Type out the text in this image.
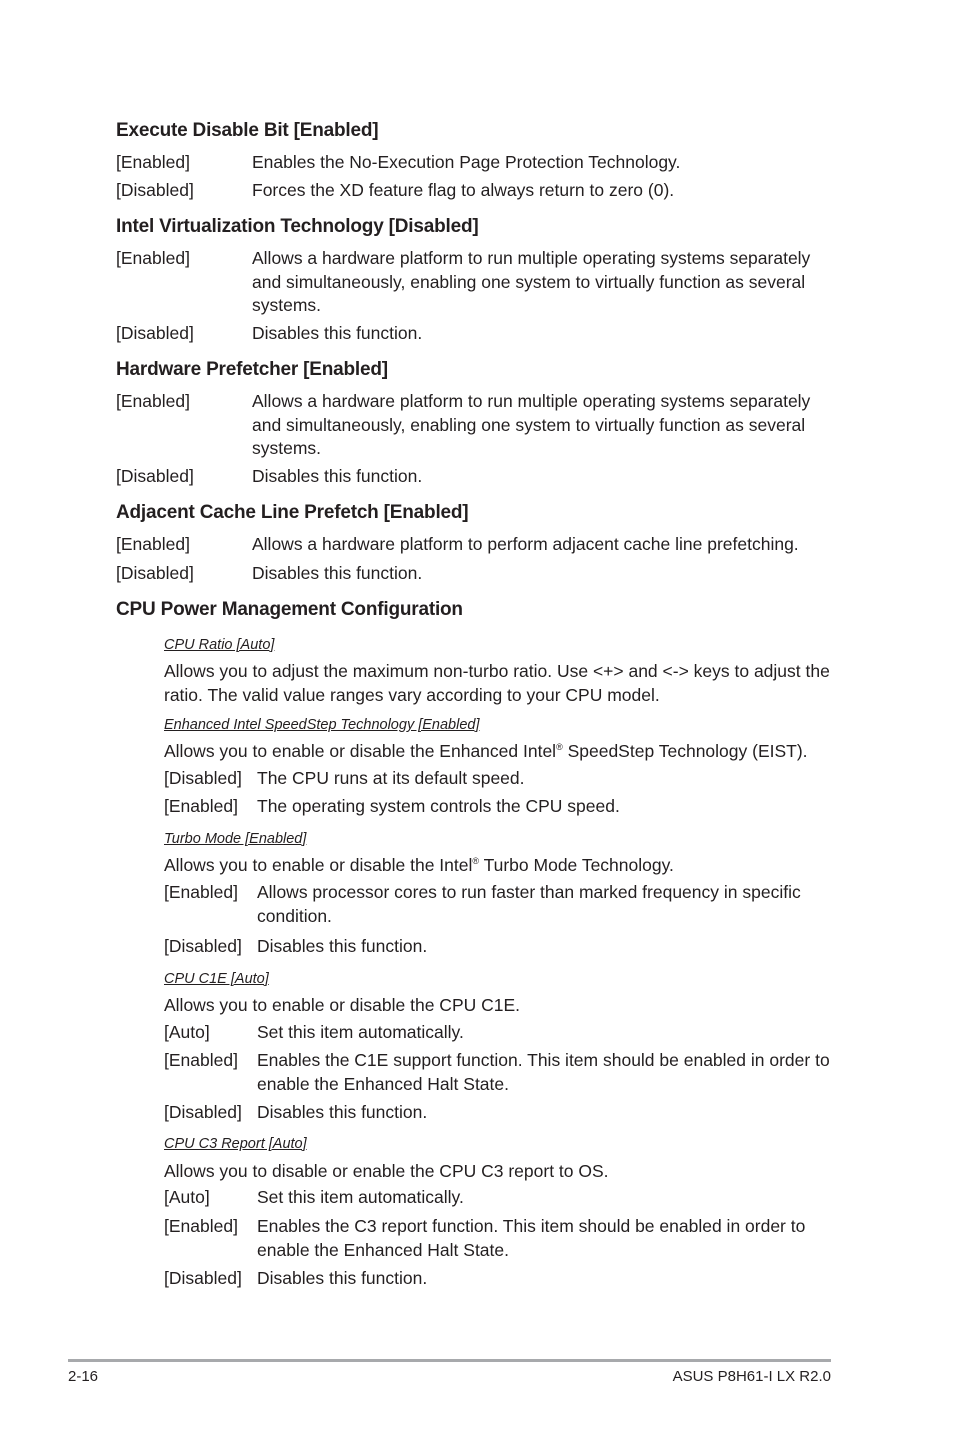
Execute Disable Bit [Enabled]
[Enabled]	Enables the No-Execution Page Protection Technology.
[Disabled]	Forces the XD feature flag to always return to zero (0).
Intel Virtualization Technology [Disabled]
[Enabled]	Allows a hardware platform to run multiple operating systems separately and simultaneously, enabling one system to virtually function as several systems.
[Disabled]	Disables this function.
Hardware Prefetcher [Enabled]
[Enabled]	Allows a hardware platform to run multiple operating systems separately and simultaneously, enabling one system to virtually function as several systems.
[Disabled]	Disables this function.
Adjacent Cache Line Prefetch [Enabled]
[Enabled]	Allows a hardware platform to perform adjacent cache line prefetching.
[Disabled]	Disables this function.
CPU Power Management Configuration
CPU Ratio [Auto]
Allows you to adjust the maximum non-turbo ratio. Use <+> and <-> keys to adjust the ratio. The valid value ranges vary according to your CPU model.
Enhanced Intel SpeedStep Technology [Enabled]
Allows you to enable or disable the Enhanced Intel® SpeedStep Technology (EIST).
[Disabled] The CPU runs at its default speed.
[Enabled] The operating system controls the CPU speed.
Turbo Mode [Enabled]
Allows you to enable or disable the Intel® Turbo Mode Technology.
[Enabled] Allows processor cores to run faster than marked frequency in specific condition.
[Disabled] Disables this function.
CPU C1E [Auto]
Allows you to enable or disable the CPU C1E.
[Auto]	Set this item automatically.
[Enabled] Enables the C1E support function. This item should be enabled in order to enable the Enhanced Halt State.
[Disabled] Disables this function.
CPU C3 Report [Auto]
Allows you to disable or enable the CPU C3 report to OS.
[Auto]	Set this item automatically.
[Enabled] Enables the C3 report function. This item should be enabled in order to enable the Enhanced Halt State.
[Disabled] Disables this function.
2-16	ASUS P8H61-I LX R2.0
